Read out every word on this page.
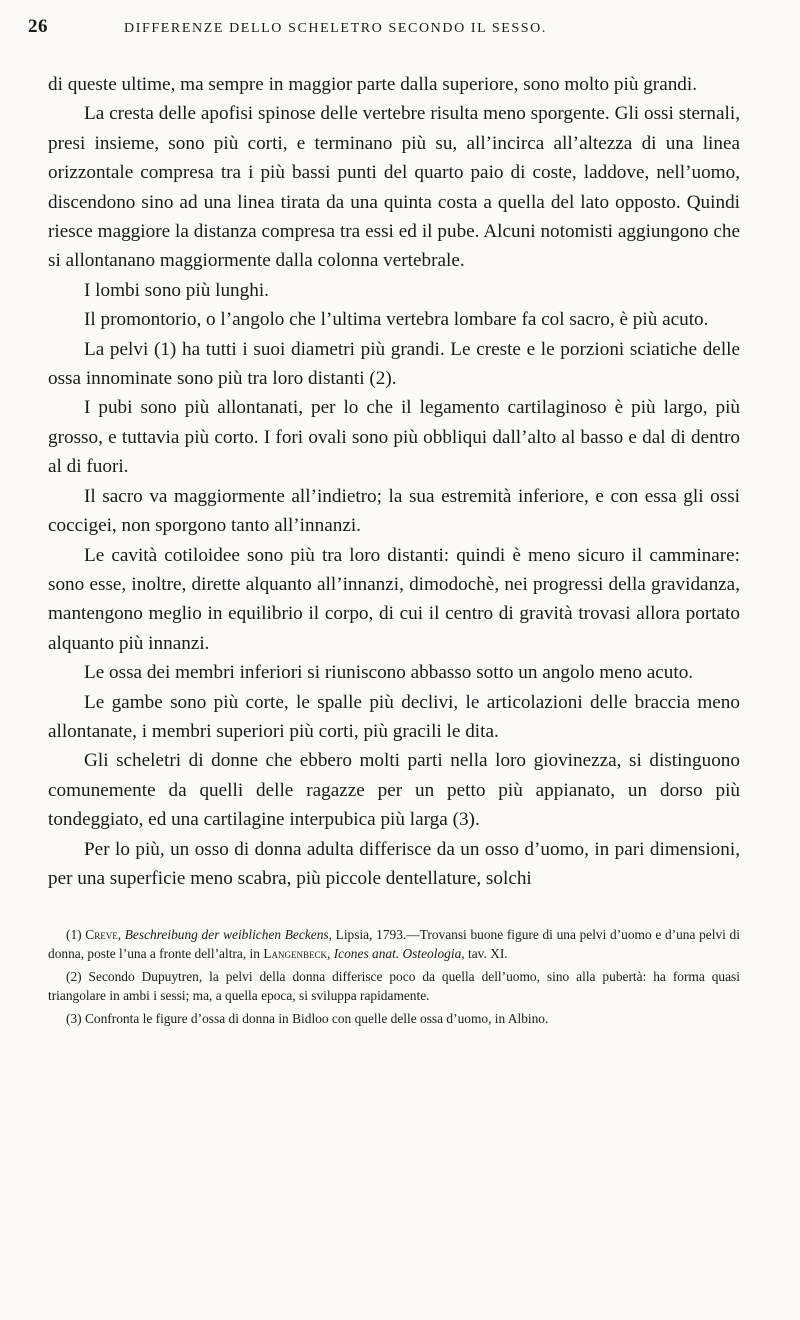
26	DIFFERENZE DELLO SCHELETRO SECONDO IL SESSO.

di queste ultime, ma sempre in maggior parte dalla superiore, sono molto più grandi.

La cresta delle apofisi spinose delle vertebre risulta meno sporgente. Gli ossi sternali, presi insieme, sono più corti, e terminano più su, all’incirca all’altezza di una linea orizzontale compresa tra i più bassi punti del quarto paio di coste, laddove, nell’uomo, discendono sino ad una linea tirata da una quinta costa a quella del lato opposto. Quindi riesce maggiore la distanza compresa tra essi ed il pube. Alcuni notomisti aggiungono che si allontanano maggiormente dalla colonna vertebrale.

I lombi sono più lunghi.

Il promontorio, o l’angolo che l’ultima vertebra lombare fa col sacro, è più acuto.

La pelvi (1) ha tutti i suoi diametri più grandi. Le creste e le porzioni sciatiche delle ossa innominate sono più tra loro distanti (2).

I pubi sono più allontanati, per lo che il legamento cartilaginoso è più largo, più grosso, e tuttavia più corto. I fori ovali sono più obbliqui dall’alto al basso e dal di dentro al di fuori.

Il sacro va maggiormente all’indietro; la sua estremità inferiore, e con essa gli ossi coccigei, non sporgono tanto all’innanzi.

Le cavità cotiloidee sono più tra loro distanti: quindi è meno sicuro il camminare: sono esse, inoltre, dirette alquanto all’innanzi, dimodochè, nei progressi della gravidanza, mantengono meglio in equilibrio il corpo, di cui il centro di gravità trovasi allora portato alquanto più innanzi.

Le ossa dei membri inferiori si riuniscono abbasso sotto un angolo meno acuto.

Le gambe sono più corte, le spalle più declivi, le articolazioni delle braccia meno allontanate, i membri superiori più corti, più gracili le dita.

Gli scheletri di donne che ebbero molti parti nella loro giovinezza, si distinguono comunemente da quelli delle ragazze per un petto più appianato, un dorso più tondeggiato, ed una cartilagine interpubica più larga (3).

Per lo più, un osso di donna adulta differisce da un osso d’uomo, in pari dimensioni, per una superficie meno scabra, più piccole dentellature, solchi

(1) Creve, Beschreibung der weiblichen Beckens, Lipsia, 1793.—Trovansi buone figure di una pelvi d’uomo e d’una pelvi di donna, poste l’una a fronte dell’altra, in Langenbeck, Icones anat. Osteologia, tav. XI.

(2) Secondo Dupuytren, la pelvi della donna differisce poco da quella dell’uomo, sino alla pubertà: ha forma quasi triangolare in ambi i sessi; ma, a quella epoca, si sviluppa rapidamente.

(3) Confronta le figure d’ossa di donna in Bidloo con quelle delle ossa d’uomo, in Albino.
